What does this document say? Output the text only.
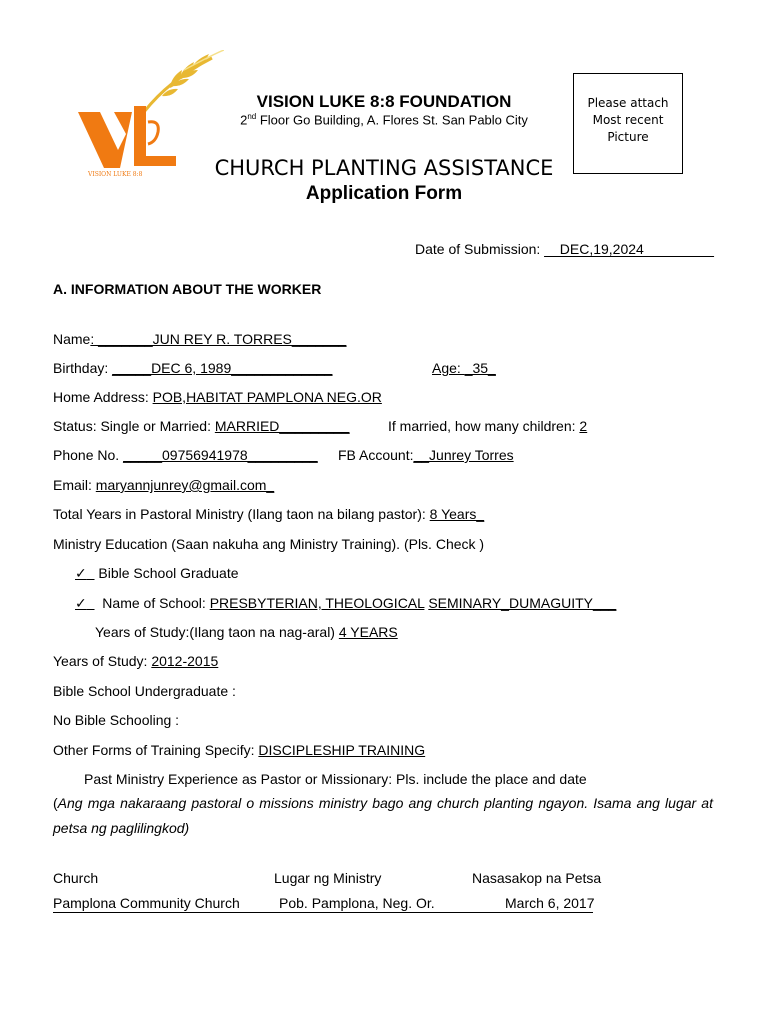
VISION LUKE 8:8
VISION LUKE 8:8 FOUNDATION
2nd Floor Go Building, A. Flores St. San Pablo City
CHURCH PLANTING ASSISTANCE
Application Form
Please attach
Most recent
Picture
Date of Submission: __DEC,19,2024_________
A. INFORMATION ABOUT THE WORKER
Name: _______JUN REY R. TORRES_______
Birthday: _____DEC 6, 1989_____________	Age: _35_
Home Address: POB,HABITAT PAMPLONA NEG.OR
Status: Single or Married: MARRIED_________	If married, how many children: 2
Phone No. _____09756941978_________ FB Account:__Junrey Torres
Email: maryannjunrey@gmail.com_
Total Years in Pastoral Ministry (Ilang taon na bilang pastor): 8 Years_
Ministry Education (Saan nakuha ang Ministry Training). (Pls. Check )
✓ Bible School Graduate
✓ Name of School: PRESBYTERIAN, THEOLOGICAL SEMINARY_DUMAGUITY___
Years of Study:(Ilang taon na nag-aral) 4 YEARS
Years of Study: 2012-2015
Bible School Undergraduate :
No Bible Schooling :
Other Forms of Training Specify: DISCIPLESHIP TRAINING
Past Ministry Experience as Pastor or Missionary: Pls. include the place and date
(Ang mga nakaraang pastoral o missions ministry bago ang church planting ngayon. Isama ang lugar at petsa ng paglilingkod)
Church	Lugar ng Ministry	Nasasakop na Petsa
Pamplona Community Church	Pob. Pamplona, Neg. Or.	March 6, 2017
